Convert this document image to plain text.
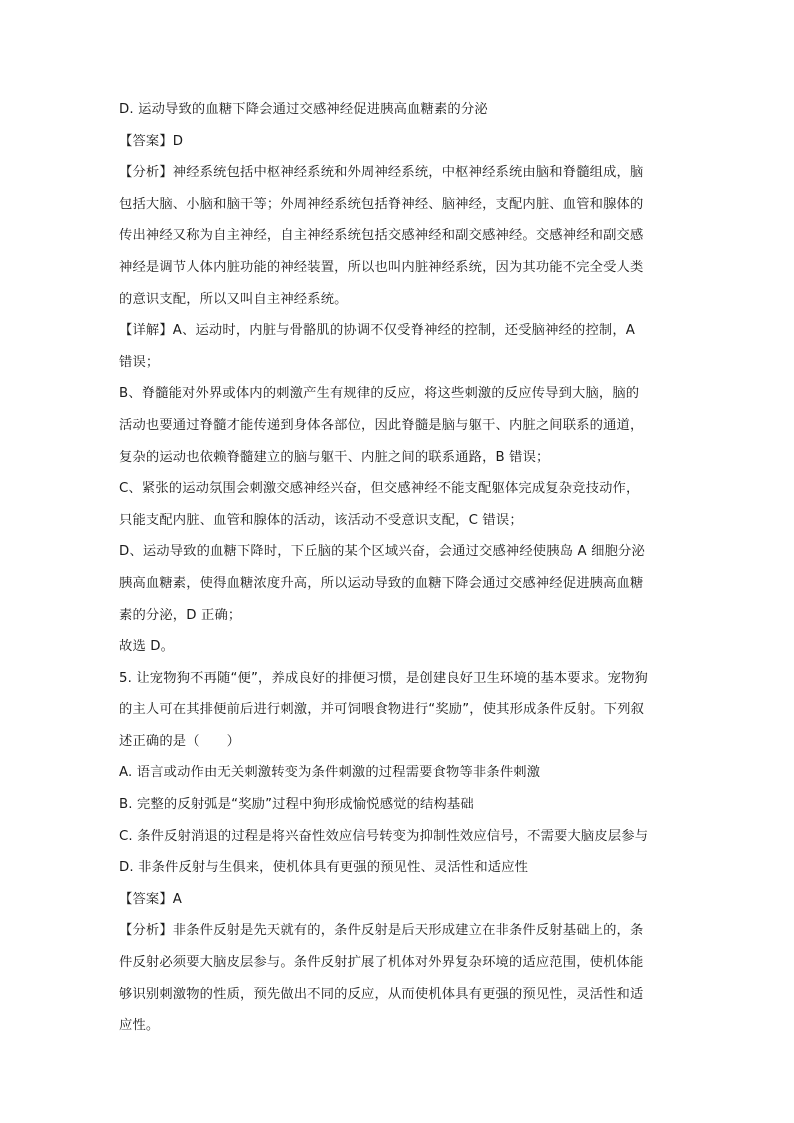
D. 运动导致的血糖下降会通过交感神经促进胰高血糖素的分泌
【答案】D
【分析】神经系统包括中枢神经系统和外周神经系统，中枢神经系统由脑和脊髓组成，脑
包括大脑、小脑和脑干等；外周神经系统包括脊神经、脑神经，支配内脏、血管和腺体的
传出神经又称为自主神经，自主神经系统包括交感神经和副交感神经。交感神经和副交感
神经是调节人体内脏功能的神经装置，所以也叫内脏神经系统，因为其功能不完全受人类
的意识支配，所以又叫自主神经系统。
【详解】A、运动时，内脏与骨骼肌的协调不仅受脊神经的控制，还受脑神经的控制，A
错误；
B、脊髓能对外界或体内的刺激产生有规律的反应，将这些刺激的反应传导到大脑，脑的
活动也要通过脊髓才能传递到身体各部位，因此脊髓是脑与躯干、内脏之间联系的通道，
复杂的运动也依赖脊髓建立的脑与躯干、内脏之间的联系通路，B 错误；
C、紧张的运动氛围会刺激交感神经兴奋，但交感神经不能支配躯体完成复杂竞技动作，
只能支配内脏、血管和腺体的活动，该活动不受意识支配，C 错误；
D、运动导致的血糖下降时，下丘脑的某个区域兴奋，会通过交感神经使胰岛 A 细胞分泌
胰高血糖素，使得血糖浓度升高，所以运动导致的血糖下降会通过交感神经促进胰高血糖
素的分泌，D 正确；
故选 D。
5. 让宠物狗不再随“便”，养成良好的排便习惯，是创建良好卫生环境的基本要求。宠物狗
的主人可在其排便前后进行刺激，并可饲喂食物进行“奖励”，使其形成条件反射。下列叙
述正确的是（　　）
A. 语言或动作由无关刺激转变为条件刺激的过程需要食物等非条件刺激
B. 完整的反射弧是“奖励”过程中狗形成愉悦感觉的结构基础
C. 条件反射消退的过程是将兴奋性效应信号转变为抑制性效应信号，不需要大脑皮层参与
D. 非条件反射与生俱来，使机体具有更强的预见性、灵活性和适应性
【答案】A
【分析】非条件反射是先天就有的，条件反射是后天形成建立在非条件反射基础上的，条
件反射必须要大脑皮层参与。条件反射扩展了机体对外界复杂环境的适应范围，使机体能
够识别刺激物的性质，预先做出不同的反应，从而使机体具有更强的预见性，灵活性和适
应性。
